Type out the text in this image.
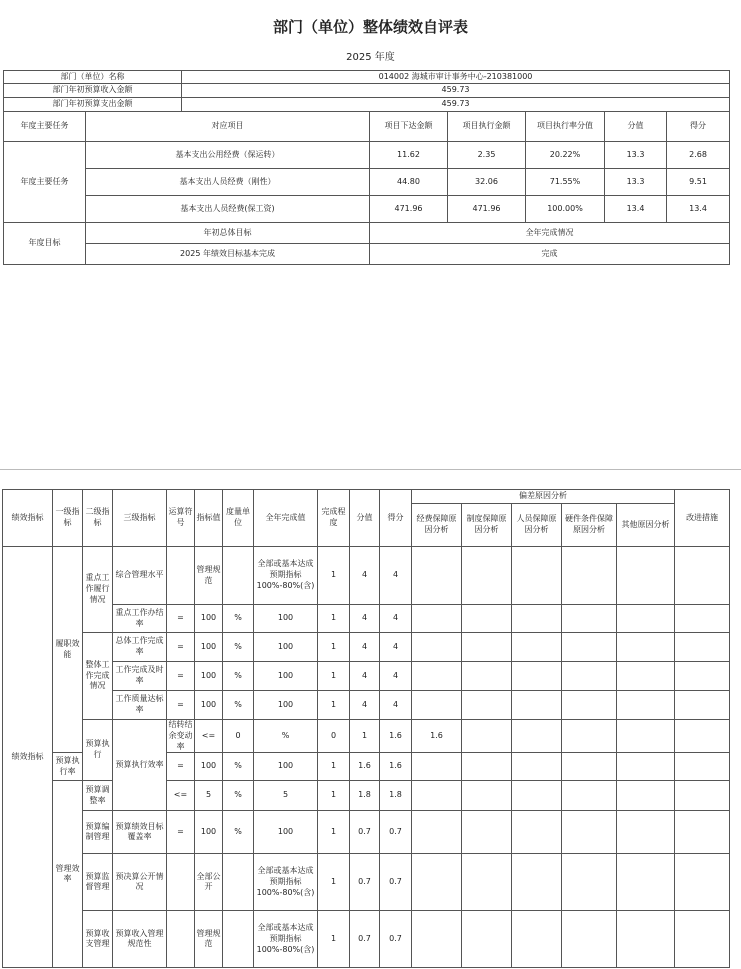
部门（单位）整体绩效自评表
2025 年度
部门（单位）名称		014002 海城市审计事务中心-210381000					
部门年初预算收入金额		459.73					
部门年初预算支出金额		459.73					
年度主要任务	对应项目		项目下达金额	项目执行金额	项目执行率分值	分值	得分
年度主要任务	基本支出公用经费（保运转）		11.62	2.35	20.22%	13.3	2.68
	基本支出人员经费（刚性）		44.80	32.06	71.55%	13.3	9.51
	基本支出人员经费(保工资)		471.96	471.96	100.00%	13.4	13.4
年度目标	年初总体目标		全年完成情况				
	2025 年绩效目标基本完成		完成				
绩效指标	一级指标	二级指标	三级指标	运算符号	指标值	度量单位	全年完成值	完成程度	分值	得分	偏差原因分析					改进措施	
											经费保障原因分析	制度保障原因分析	人员保障原因分析	硬件条件保障原因分析	其他原因分析		
绩效指标	履职效能	重点工作履行情况	综合管理水平		管理规范		全部或基本达成预期指标 100%-80%(含)	1	4	4							
			重点工作办结率	=	100	%	100	1	4	4							
		整体工作完成情况	总体工作完成率	=	100	%	100	1	4	4							
			工作完成及时率	=	100	%	100	1	4	4							
			工作质量达标率	=	100	%	100	1	4	4							
		预算执行	预算执行效率	结转结余变动率	<=	0	%	0	1	1.6	1.6						
	预算执行率			=	100	%	100	1	1.6	1.6							
	管理效率	预算调整率		<=	5	%	5	1	1.8	1.8							
		预算编制管理	预算绩效目标覆盖率	=	100	%	100	1	0.7	0.7							
		预算监督管理	预决算公开情况		全部公开		全部或基本达成预期指标 100%-80%(含)	1	0.7	0.7							
		预算收支管理	预算收入管理规范性		管理规范		全部或基本达成预期指标 100%-80%(含)	1	0.7	0.7							
